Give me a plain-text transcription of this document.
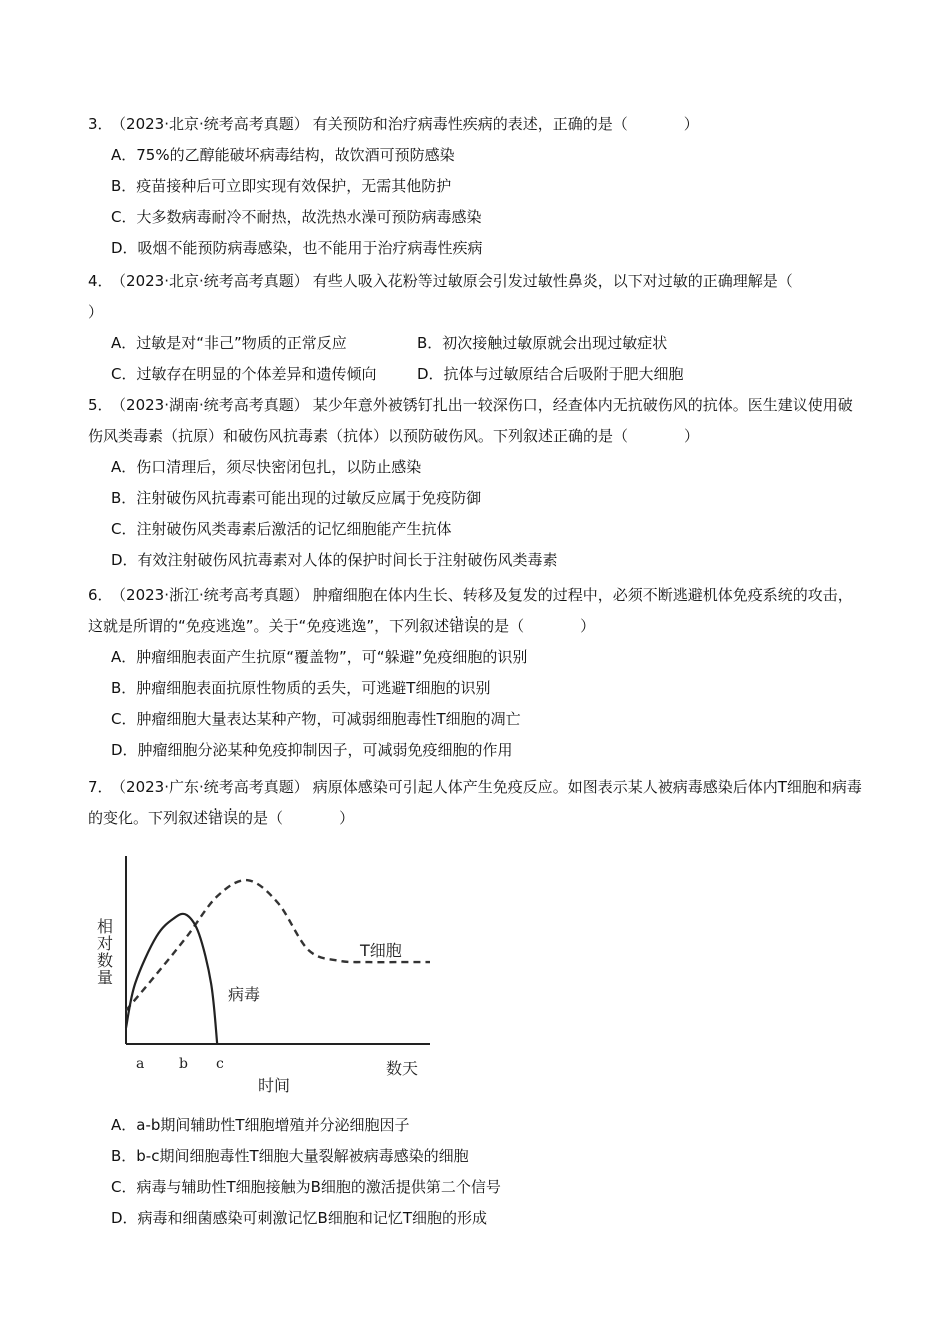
3． （2023·北京·统考高考真题） 有关预防和治疗病毒性疾病的表述，正确的是（	）

A．75%的乙醇能破坏病毒结构，故饮酒可预防感染

B．疫苗接种后可立即实现有效保护，无需其他防护

C．大多数病毒耐冷不耐热，故洗热水澡可预防病毒感染

D．吸烟不能预防病毒感染，也不能用于治疗病毒性疾病

4． （2023·北京·统考高考真题） 有些人吸入花粉等过敏原会引发过敏性鼻炎，以下对过敏的正确理解是（
）

A．过敏是对“非己”物质的正常反应	B．初次接触过敏原就会出现过敏症状
C．过敏存在明显的个体差异和遗传倾向	D．抗体与过敏原结合后吸附于肥大细胞

5． （2023·湖南·统考高考真题） 某少年意外被锈钉扎出一较深伤口，经查体内无抗破伤风的抗体。医生建议使用破伤风类毒素（抗原）和破伤风抗毒素（抗体）以预防破伤风。下列叙述正确的是（	）

A．伤口清理后，须尽快密闭包扎，以防止感染

B．注射破伤风抗毒素可能出现的过敏反应属于免疫防御

C．注射破伤风类毒素后激活的记忆细胞能产生抗体

D．有效注射破伤风抗毒素对人体的保护时间长于注射破伤风类毒素

6． （2023·浙江·统考高考真题） 肿瘤细胞在体内生长、转移及复发的过程中，必须不断逃避机体免疫系统的攻击，这就是所谓的“免疫逃逸”。关于“免疫逃逸”，下列叙述错误的是（	）

A．肿瘤细胞表面产生抗原“覆盖物”，可“躲避”免疫细胞的识别

B．肿瘤细胞表面抗原性物质的丢失，可逃避T细胞的识别

C．肿瘤细胞大量表达某种产物，可减弱细胞毒性T细胞的凋亡

D．肿瘤细胞分泌某种免疫抑制因子，可减弱免疫细胞的作用

7． （2023·广东·统考高考真题） 病原体感染可引起人体产生免疫反应。如图表示某人被病毒感染后体内T细胞和病毒的变化。下列叙述错误的是（	）

相对数量
T细胞
病毒
a b c	数天
时间

A．a-b期间辅助性T细胞增殖并分泌细胞因子

B．b-c期间细胞毒性T细胞大量裂解被病毒感染的细胞

C．病毒与辅助性T细胞接触为B细胞的激活提供第二个信号

D．病毒和细菌感染可刺激记忆B细胞和记忆T细胞的形成
